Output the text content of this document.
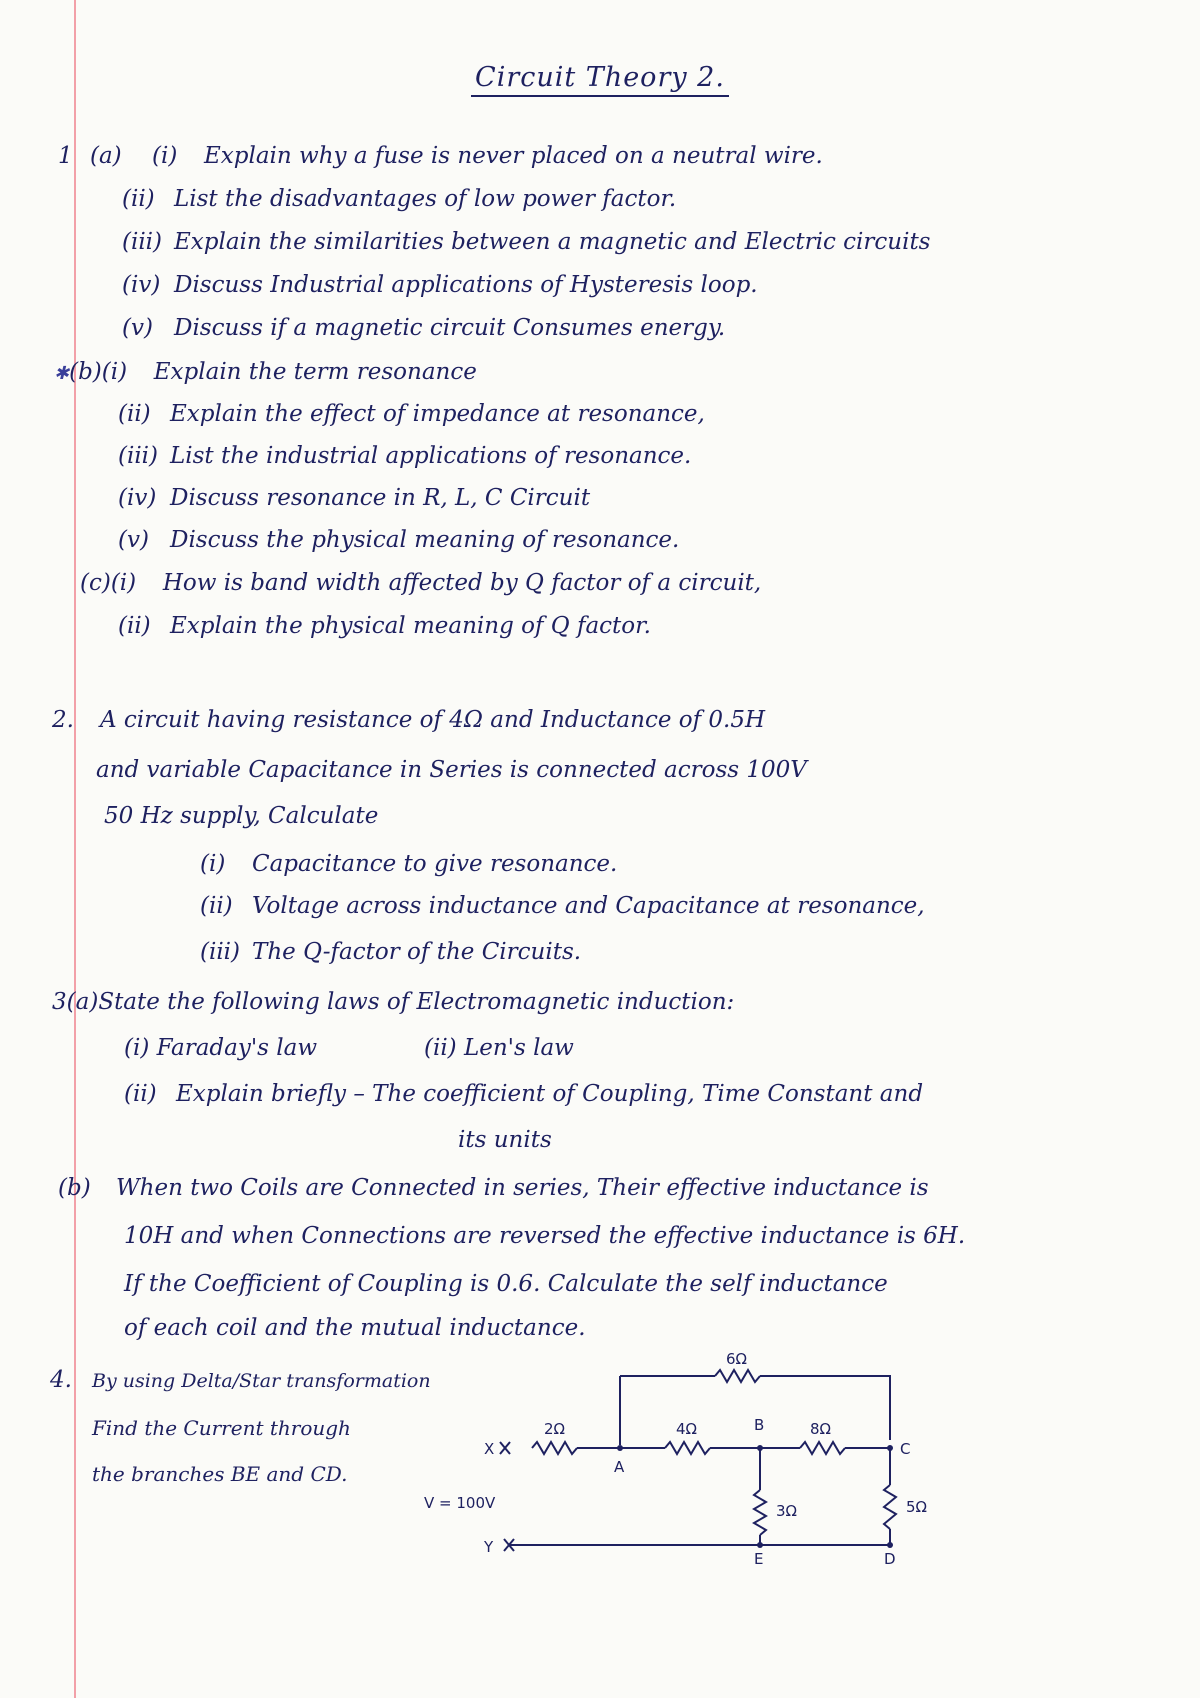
Circuit Theory 2.
1 (a) (i) Explain why a fuse is never placed on a neutral wire.
(ii) List the disadvantages of low power factor.
(iii) Explain the similarities between a magnetic and Electric circuits
(iv) Discuss Industrial applications of Hysteresis loop.
(v) Discuss if a magnetic circuit Consumes energy.
✱(b)(i) Explain the term resonance
(ii) Explain the effect of impedance at resonance,
(iii) List the industrial applications of resonance.
(iv) Discuss resonance in R, L, C Circuit
(v) Discuss the physical meaning of resonance.
(c)(i) How is band width affected by Q factor of a circuit,
(ii) Explain the physical meaning of Q factor.
2. A circuit having resistance of 4Ω and Inductance of 0.5H
and variable Capacitance in Series is connected across 100V
50 Hz supply, Calculate
(i) Capacitance to give resonance.
(ii) Voltage across inductance and Capacitance at resonance,
(iii) The Q-factor of the Circuits.
3(a)State the following laws of Electromagnetic induction:
(i) Faraday's law	(ii) Len's law
(ii) Explain briefly – The coefficient of Coupling, Time Constant and
its units
(b) When two Coils are Connected in series, Their effective inductance is
10H and when Connections are reversed the effective inductance is 6H.
If the Coefficient of Coupling is 0.6. Calculate the self inductance
of each coil and the mutual inductance.
4. By using Delta/Star transformation
Find the Current through
the branches BE and CD.
6Ω
2Ω	4Ω	8Ω
3Ω	5Ω
V = 100V
X
Y
A
B
C
D
E
